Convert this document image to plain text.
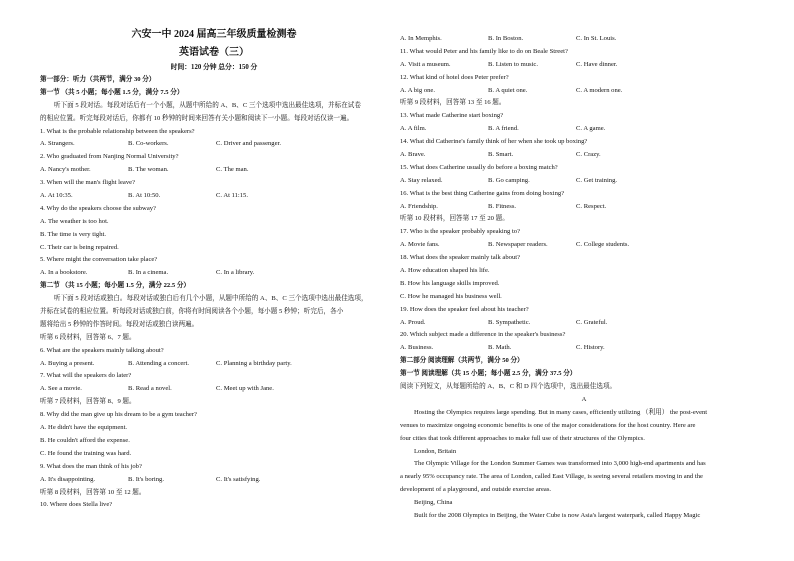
六安一中 2024 届高三年级质量检测卷
英语试卷（三）
时间：120 分钟 总分：150 分
第一部分：听力（共两节，满分 30 分）
第一节 （共 5 小题；每小题 1.5 分，满分 7.5 分）
听下面 5 段对话。每段对话后有一个小题，从题中所给的 A、B、C 三个选项中选出最佳选项，并标在试卷
的相应位置。听完每段对话后，你都有 10 秒钟的时间来回答有关小题和阅读下一小题。每段对话仅读一遍。
1. What is the probable relationship between the speakers?
A. Strangers.	B. Co-workers.	C. Driver and passenger.
2. Who graduated from Nanjing Normal University?
A. Nancy's mother.	B. The woman.	C. The man.
3. When will the man's flight leave?
A. At 10:35.	B. At 10:50.	C. At 11:15.
4. Why do the speakers choose the subway?
A. The weather is too hot.
B. The time is very tight.
C. Their car is being repaired.
5. Where might the conversation take place?
A. In a bookstore.	B. In a cinema.	C. In a library.
第二节 （共 15 小题；每小题 1.5 分，满分 22.5 分）
听下面 5 段对话或独白。每段对话或独白后有几个小题，从题中所给的 A、B、C 三个选项中选出最佳选项，
并标在试卷的相应位置。听每段对话或独白前，你将有时间阅读各个小题，每小题 5 秒钟；听完后，各小
题将给出 5 秒钟的作答时间。每段对话或独白读两遍。
听第 6 段材料，回答第 6、7 题。
6. What are the speakers mainly talking about?
A. Buying a present.	B. Attending a concert.	C. Planning a birthday party.
7. What will the speakers do later?
A. See a movie.	B. Read a novel.	C. Meet up with Jane.
听第 7 段材料，回答第 8、9 题。
8. Why did the man give up his dream to be a gym teacher?
A. He didn't have the equipment.
B. He couldn't afford the expense.
C. He found the training was hard.
9. What does the man think of his job?
A. It's disappointing.	B. It's boring.	C. It's satisfying.
听第 8 段材料，回答第 10 至 12 题。
10. Where does Stella live?
A. In Memphis.	B. In Boston.	C. In St. Louis.
11. What would Peter and his family like to do on Beale Street?
A. Visit a museum.	B. Listen to music.	C. Have dinner.
12. What kind of hotel does Peter prefer?
A. A big one.	B. A quiet one.	C. A modern one.
听第 9 段材料，回答第 13 至 16 题。
13. What made Catherine start boxing?
A. A film.	B. A friend.	C. A game.
14. What did Catherine's family think of her when she took up boxing?
A. Brave.	B. Smart.	C. Crazy.
15. What does Catherine usually do before a boxing match?
A. Stay relaxed.	B. Go camping.	C. Get training.
16. What is the best thing Catherine gains from doing boxing?
A. Friendship.	B. Fitness.	C. Respect.
听第 10 段材料，回答第 17 至 20 题。
17. Who is the speaker probably speaking to?
A. Movie fans.	B. Newspaper readers.	C. College students.
18. What does the speaker mainly talk about?
A. How education shaped his life.
B. How his language skills improved.
C. How he managed his business well.
19. How does the speaker feel about his teacher?
A. Proud.	B. Sympathetic.	C. Grateful.
20. Which subject made a difference in the speaker's business?
A. Business.	B. Math.	C. History.
第二部分 阅读理解（共两节，满分 50 分）
第一节 阅读理解（共 15 小题；每小题 2.5 分，满分 37.5 分）
阅读下列短文，从每题所给的 A、B、C 和 D 四个选项中，选出最佳选项。
A
Hosting the Olympics requires large spending. But in many cases, efficiently utilizing （利用） the post-event
venues to maximize ongoing economic benefits is one of the major considerations for the host country. Here are
four cities that took different approaches to make full use of their structures of the Olympics.
London, Britain
The Olympic Village for the London Summer Games was transformed into 3,000 high-end apartments and has
a nearly 95% occupancy rate. The area of London, called East Village, is seeing several retailers moving in and the
development of a playground, and outside exercise areas.
Beijing, China
Built for the 2008 Olympics in Beijing, the Water Cube is now Asia's largest waterpark, called Happy Magic
